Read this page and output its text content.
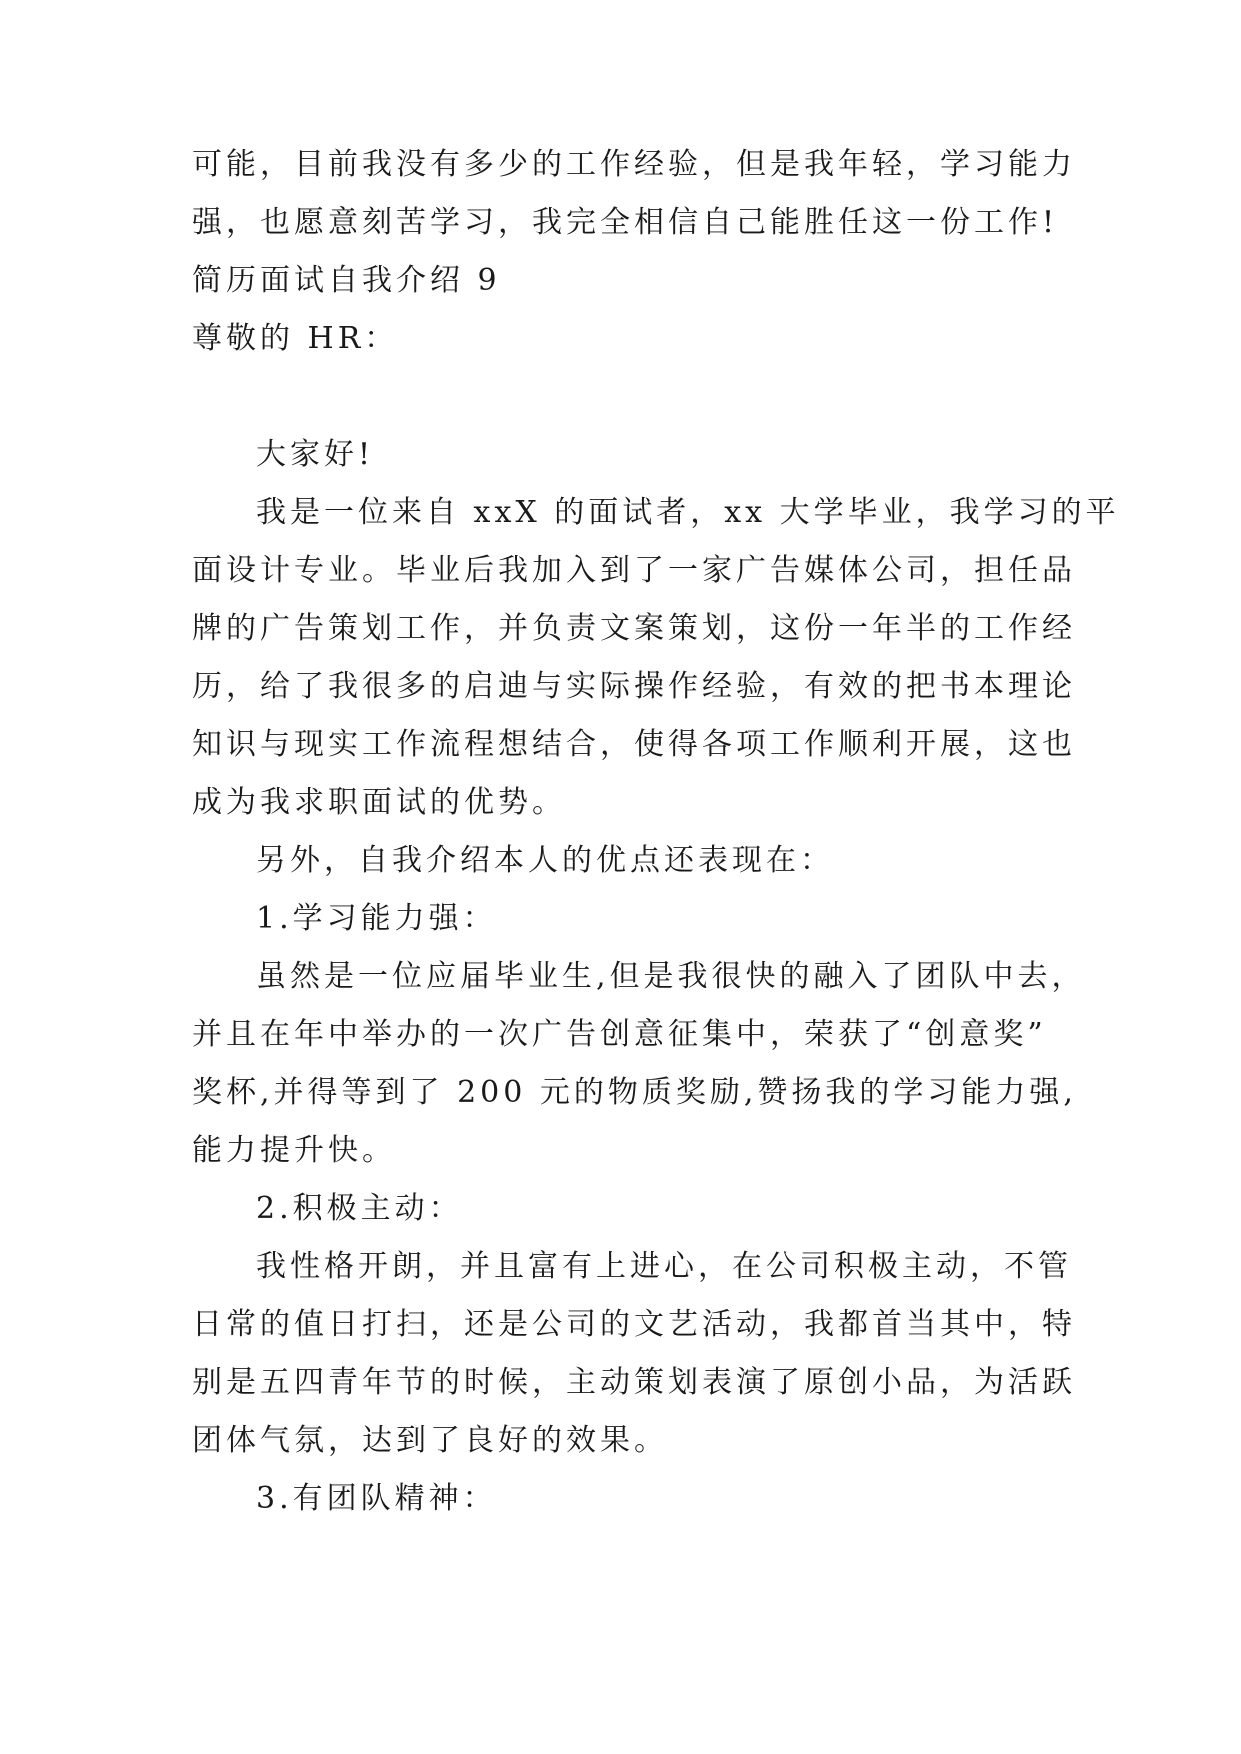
可能，目前我没有多少的工作经验，但是我年轻，学习能力
强，也愿意刻苦学习，我完全相信自己能胜任这一份工作!
简历面试自我介绍 9
尊敬的 HR：
大家好!
我是一位来自 xxX 的面试者，xx 大学毕业，我学习的平
面设计专业。毕业后我加入到了一家广告媒体公司，担任品
牌的广告策划工作，并负责文案策划，这份一年半的工作经
历，给了我很多的启迪与实际操作经验，有效的把书本理论
知识与现实工作流程想结合，使得各项工作顺利开展，这也
成为我求职面试的优势。
另外，自我介绍本人的优点还表现在：
1.学习能力强：
虽然是一位应届毕业生,但是我很快的融入了团队中去，
并且在年中举办的一次广告创意征集中，荣获了“创意奖”
奖杯,并得等到了 200 元的物质奖励,赞扬我的学习能力强,
能力提升快。
2.积极主动：
我性格开朗，并且富有上进心，在公司积极主动，不管
日常的值日打扫，还是公司的文艺活动，我都首当其中，特
别是五四青年节的时候，主动策划表演了原创小品，为活跃
团体气氛，达到了良好的效果。
3.有团队精神：
